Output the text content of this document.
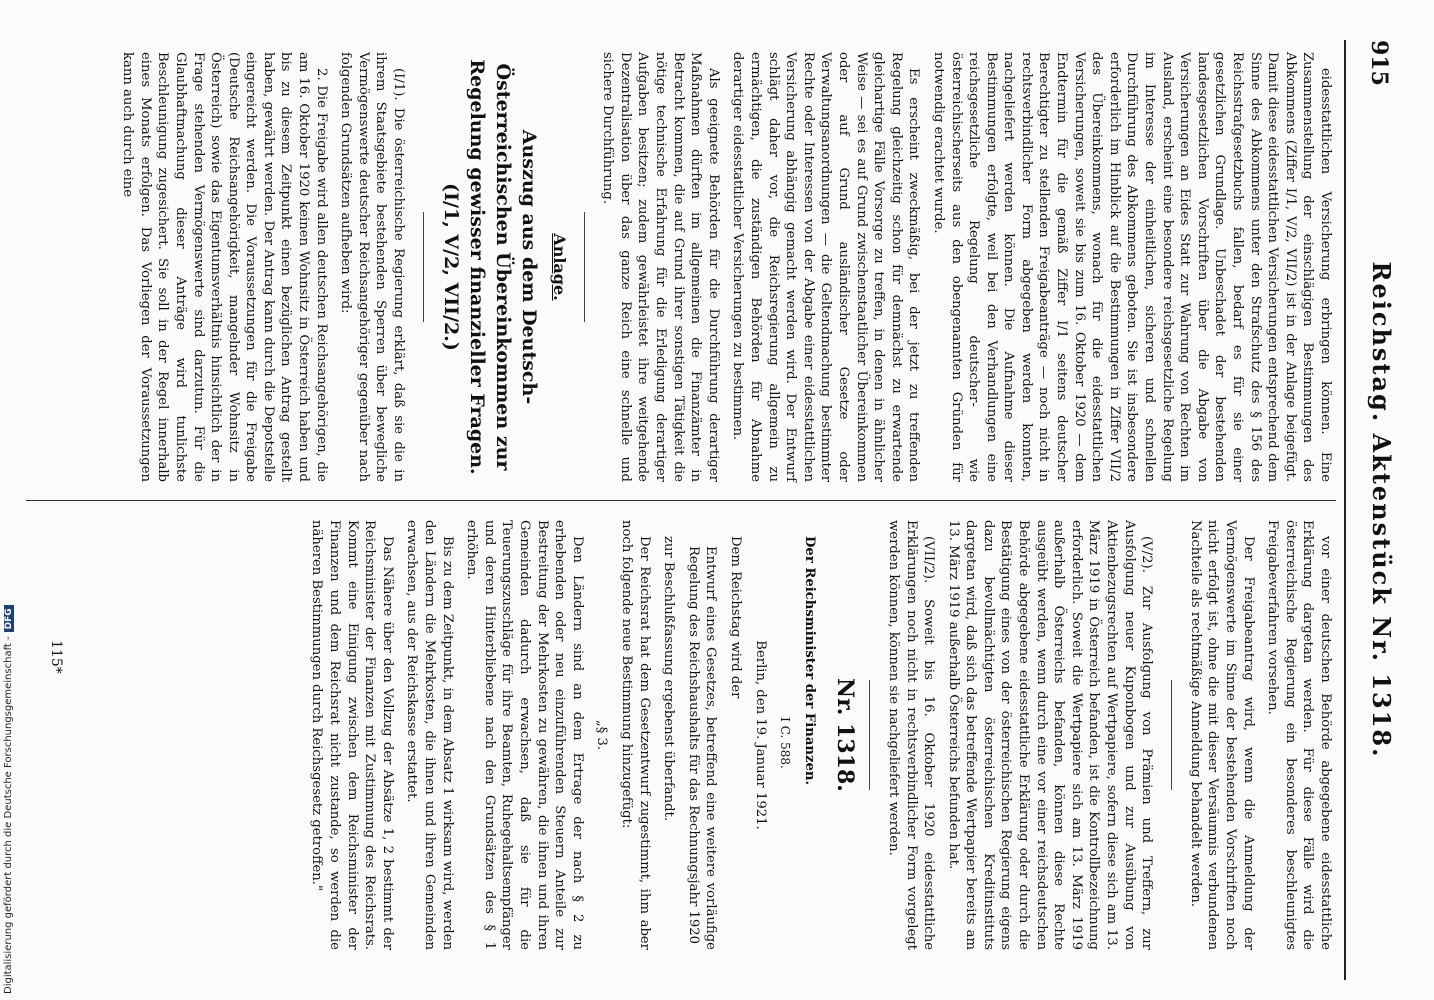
915
Reichstag. Aktenstück Nr. 1318.

eidesstattlichen Versicherung erbringen können. Eine Zusammenstellung der einschlägigen Bestimmungen des Abkommens (Ziffer I/1, V/2, VII/2) ist in der Anlage beigefügt. Damit diese eidesstattlichen Versicherungen entsprechend dem Sinne des Abkommens unter den Strafschutz des § 156 des Reichsstrafgesetzbuchs fallen, bedarf es für sie einer gesetzlichen Grundlage. Unbeschadet der bestehenden landesgesetzlichen Vorschriften über die Abgabe von Versicherungen an Eides Statt zur Wahrung von Rechten im Ausland, erscheint eine besondere reichsgesetzliche Regelung im Interesse der einheitlichen, sicheren und schnellen Durchführung des Abkommens geboten. Sie ist insbesondere erforderlich im Hinblick auf die Bestimmungen in Ziffer VII/2 des Übereinkommens, wonach für die eidesstattlichen Versicherungen, soweit sie bis zum 16. Oktober 1920 — dem Endtermin für die gemäß Ziffer I/1 seitens deutscher Berechtigter zu stellenden Freigabeanträge — noch nicht in rechtsverbindlicher Form abgegeben werden konnten, nachgeliefert werden können. Die Aufnahme dieser Bestimmungen erfolgte, weil bei den Verhandlungen eine reichsgesetzliche Regelung deutscher- wie österreichischerseits aus den obengenannten Gründen für notwendig erachtet wurde.

Es erscheint zweckmäßig, bei der jetzt zu treffenden Regelung gleichzeitig schon für demnächst zu erwartende gleichartige Fälle Vorsorge zu treffen, in denen in ähnlicher Weise — sei es auf Grund zwischenstaatlicher Übereinkommen oder auf Grund ausländischer Gesetze oder Verwaltungsanordnungen — die Geltendmachung bestimmter Rechte oder Interessen von der Abgabe einer eidesstattlichen Versicherung abhängig gemacht werden wird. Der Entwurf schlägt daher vor, die Reichsregierung allgemein zu ermächtigen, die zuständigen Behörden für Abnahme derartiger eidesstattlicher Versicherungen zu bestimmen.

Als geeignete Behörden für die Durchführung derartiger Maßnahmen dürften im allgemeinen die Finanzämter in Betracht kommen, die auf Grund ihrer sonstigen Tätigkeit die nötige technische Erfahrung für die Erledigung derartiger Aufgaben besitzen; zudem gewährleistet ihre weitgehende Dezentralisation über das ganze Reich eine schnelle und sichere Durchführung.

Anlage.
Auszug aus dem Deutsch-Österreichischen Übereinkommen zur Regelung gewisser finanzieller Fragen. (I/1, V/2, VII/2.)

(I/1). Die österreichische Regierung erklärt, daß sie die in ihrem Staatsgebiete bestehenden Sperren über bewegliche Vermögenswerte deutscher Reichsangehöriger gegenüber nach folgenden Grundsätzen aufheben wird:

2. Die Freigabe wird allen deutschen Reichsangehörigen, die am 16. Oktober 1920 keinen Wohnsitz in Österreich haben und bis zu diesem Zeitpunkt einen bezüglichen Antrag gestellt haben, gewährt werden. Der Antrag kann durch die Depotstelle eingereicht werden. Die Voraussetzungen für die Freigabe (Deutsche Reichsangehörigkeit, mangelnder Wohnsitz in Österreich) sowie das Eigentumsverhältnis hinsichtlich der in Frage stehenden Vermögenswerte sind darzutun. Für die Glaubhaftmachung dieser Anträge wird tunlichste Beschleunigung zugesichert. Sie soll in der Regel innerhalb eines Monats erfolgen. Das Vorliegen der Voraussetzungen kann auch durch eine

vor einer deutschen Behörde abgegebene eidesstattliche Erklärung dargetan werden. Für diese Fälle wird die österreichische Regierung ein besonderes beschleunigtes Freigabeverfahren vorsehen.

Der Freigabeantrag wird, wenn die Anmeldung der Vermögenswerte im Sinne der bestehenden Vorschriften noch nicht erfolgt ist, ohne die mit dieser Versäumnis verbundenen Nachteile als rechtmäßige Anmeldung behandelt werden.

(V/2). Zur Ausfolgung von Prämien und Treffern, zur Ausfolgung neuer Kuponbogen und zur Ausübung von Aktienbezugsrechten auf Wertpapiere, sofern diese sich am 13. März 1919 in Österreich befanden, ist die Kontrollbezeichnung erforderlich. Soweit die Wertpapiere sich am 13. März 1919 außerhalb Österreichs befanden, können diese Rechte ausgeübt werden, wenn durch eine vor einer reichsdeutschen Behörde abgegebene eidesstattliche Erklärung oder durch die Bestätigung eines von der österreichischen Regierung eigens dazu bevollmächtigten österreichischen Kreditinstituts dargetan wird, daß sich das betreffende Wertpapier bereits am 13. März 1919 außerhalb Österreichs befunden hat.

(VII/2). Soweit bis 16. Oktober 1920 eidesstattliche Erklärungen noch nicht in rechtsverbindlicher Form vorgelegt werden können, können sie nachgeliefert werden.

Nr. 1318.

Der Reichsminister der Finanzen.

I C. 588.

Berlin, den 19. Januar 1921.

Dem Reichstag wird der

Entwurf eines Gesetzes, betreffend eine weitere vorläufige Regelung des Reichshaushalts für das Rechnungsjahr 1920

zur Beschlußfassung ergebenst überfandt.

Der Reichsrat hat dem Gesetzentwurf zugestimmt, ihm aber noch folgende neue Bestimmung hinzugefügt:

„§ 3.

Den Ländern sind an dem Ertrage der nach § 2 zu erhebenden oder neu einzuführenden Steuern Anteile zur Bestreitung der Mehrkosten zu gewähren, die ihnen und ihren Gemeinden dadurch erwachsen, daß sie für die Teuerungszuschläge für ihre Beamten, Ruhegehaltsempfänger und deren Hinterbliebene nach den Grundsätzen des § 1 erhöhen.

Bis zu dem Zeitpunkt, in dem Absatz 1 wirksam wird, werden den Ländern die Mehrkosten, die ihnen und ihren Gemeinden erwachsen, aus der Reichskasse erstattet.

Das Nähere über den Vollzug der Absätze 1, 2 bestimmt der Reichsminister der Finanzen mit Zustimmung des Reichsrats. Kommt eine Einigung zwischen dem Reichsminister der Finanzen und dem Reichsrat nicht zustande, so werden die näheren Bestimmungen durch Reichsgesetz getroffen."

115*
Digitalisierung gefördert durch die Deutsche Forschungsgemeinschaft -DFG
